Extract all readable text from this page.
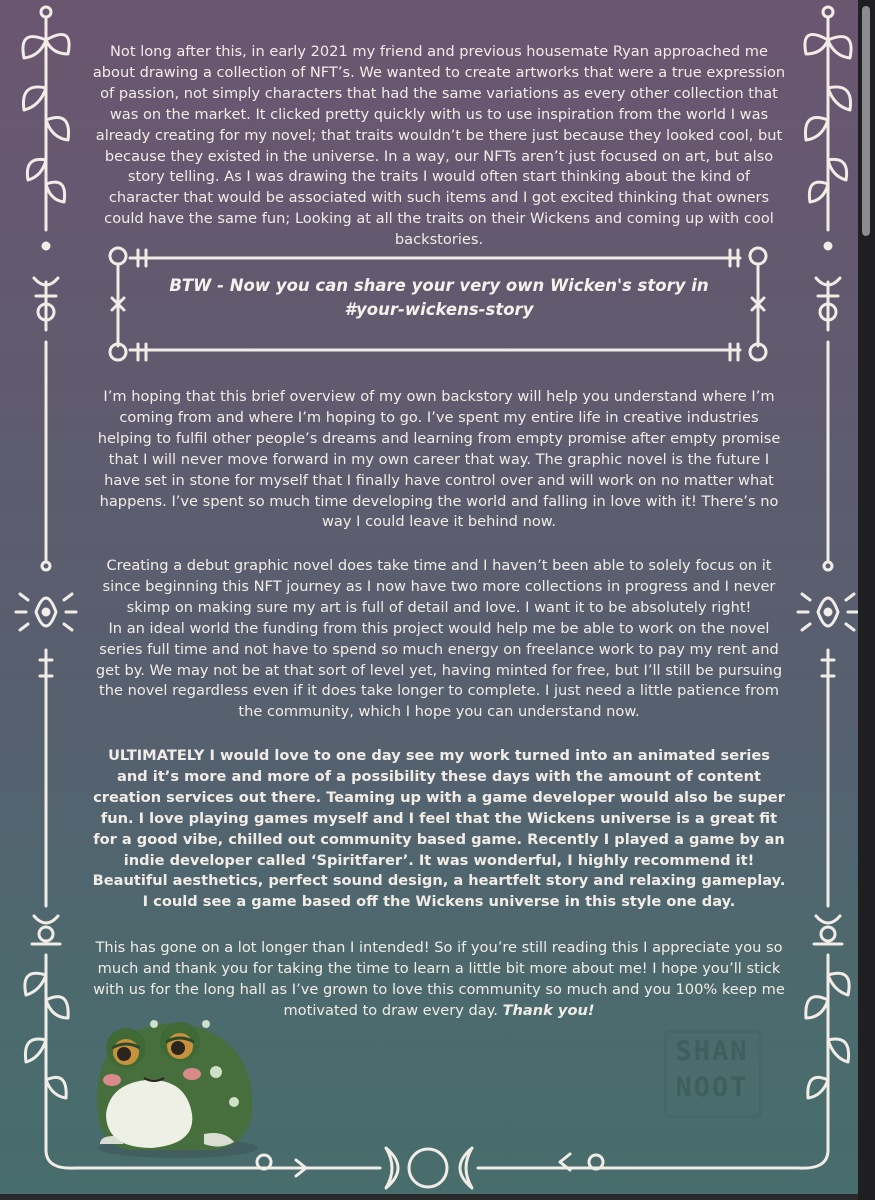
Not long after this, in early 2021 my friend and previous housemate Ryan approached me about drawing a collection of NFT’s. We wanted to create artworks that were a true expression of passion, not simply characters that had the same variations as every other collection that was on the market. It clicked pretty quickly with us to use inspiration from the world I was already creating for my novel; that traits wouldn’t be there just because they looked cool, but because they existed in the universe. In a way, our NFTs aren’t just focused on art, but also story telling. As I was drawing the traits I would often start thinking about the kind of character that would be associated with such items and I got excited thinking that owners could have the same fun; Looking at all the traits on their Wickens and coming up with cool backstories.

BTW - Now you can share your very own Wicken's story in #your-wickens-story

I’m hoping that this brief overview of my own backstory will help you understand where I’m coming from and where I’m hoping to go. I’ve spent my entire life in creative industries helping to fulfil other people’s dreams and learning from empty promise after empty promise that I will never move forward in my own career that way. The graphic novel is the future I have set in stone for myself that I finally have control over and will work on no matter what happens. I’ve spent so much time developing the world and falling in love with it! There’s no way I could leave it behind now.

Creating a debut graphic novel does take time and I haven’t been able to solely focus on it since beginning this NFT journey as I now have two more collections in progress and I never skimp on making sure my art is full of detail and love. I want it to be absolutely right!
In an ideal world the funding from this project would help me be able to work on the novel series full time and not have to spend so much energy on freelance work to pay my rent and get by. We may not be at that sort of level yet, having minted for free, but I’ll still be pursuing the novel regardless even if it does take longer to complete. I just need a little patience from the community, which I hope you can understand now.

ULTIMATELY I would love to one day see my work turned into an animated series and it’s more and more of a possibility these days with the amount of content creation services out there. Teaming up with a game developer would also be super fun. I love playing games myself and I feel that the Wickens universe is a great fit for a good vibe, chilled out community based game. Recently I played a game by an indie developer called ‘Spiritfarer’. It was wonderful, I highly recommend it! Beautiful aesthetics, perfect sound design, a heartfelt story and relaxing gameplay. I could see a game based off the Wickens universe in this style one day.

This has gone on a lot longer than I intended! So if you’re still reading this I appreciate you so much and thank you for taking the time to learn a little bit more about me! I hope you’ll stick with us for the long hall as I’ve grown to love this community so much and you 100% keep me motivated to draw every day. Thank you!

SHAN
NOOT
